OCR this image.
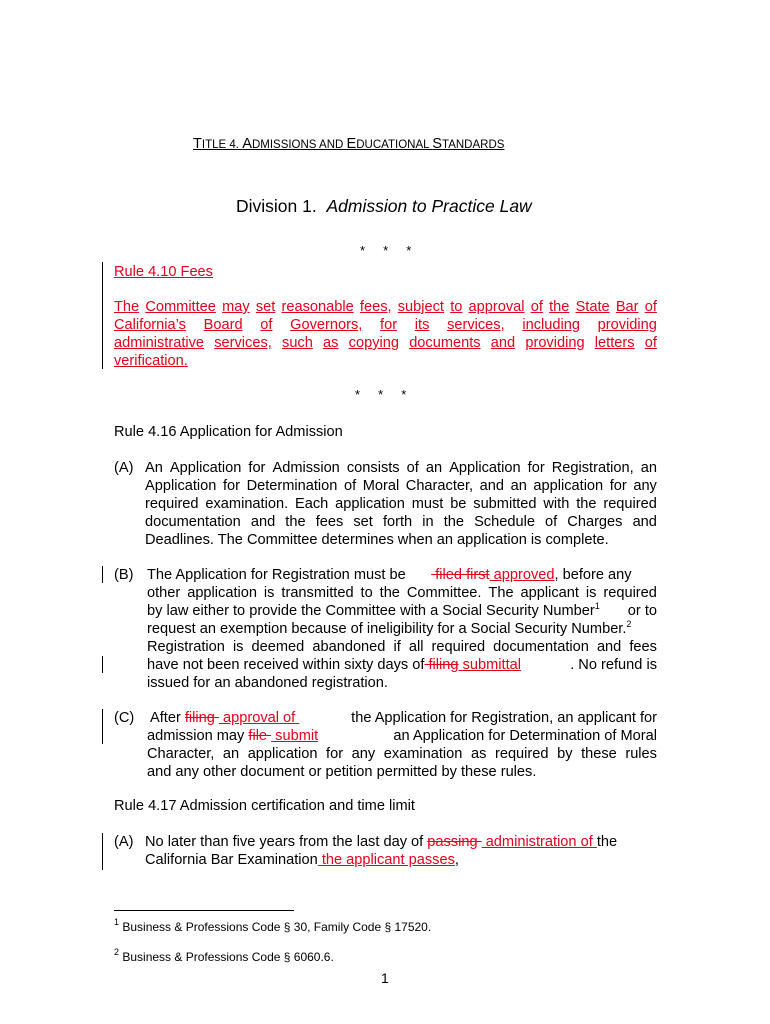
TITLE 4. ADMISSIONS AND EDUCATIONAL STANDARDS
Division 1. Admission to Practice Law
*     *     *
Rule 4.10 Fees
The Committee may set reasonable fees, subject to approval of the State Bar of
California’s Board of Governors, for its services, including providing
administrative services, such as copying documents and providing letters of
verification.
*     *     *
Rule 4.16 Application for Admission
(A) An Application for Admission consists of an Application for Registration, an
Application for Determination of Moral Character, and an application for any
required examination. Each application must be submitted with the required
documentation and the fees set forth in the Schedule of Charges and
Deadlines. The Committee determines when an application is complete.
(B) The Application for Registration must be filed first approved, before any
other application is transmitted to the Committee. The applicant is required
by law either to provide the Committee with a Social Security Number$^1$ or to
request an exemption because of ineligibility for a Social Security Number.$^2$
Registration is deemed abandoned if all required documentation and fees
have not been received within sixty days of filing submittal	. No refund is
issued for an abandoned registration.
(C) After filing  approval of	the Application for Registration, an applicant for
admission may file  submit	an Application for Determination of Moral
Character, an application for any examination as required by these rules
and any other document or petition permitted by these rules.
Rule 4.17 Admission certification and time limit
(A) No later than five years from the last day of passing  administration of the
California Bar Examination the applicant passes,
$^1$ Business & Professions Code § 30, Family Code § 17520.
$^2$ Business & Professions Code § 6060.6.
1
